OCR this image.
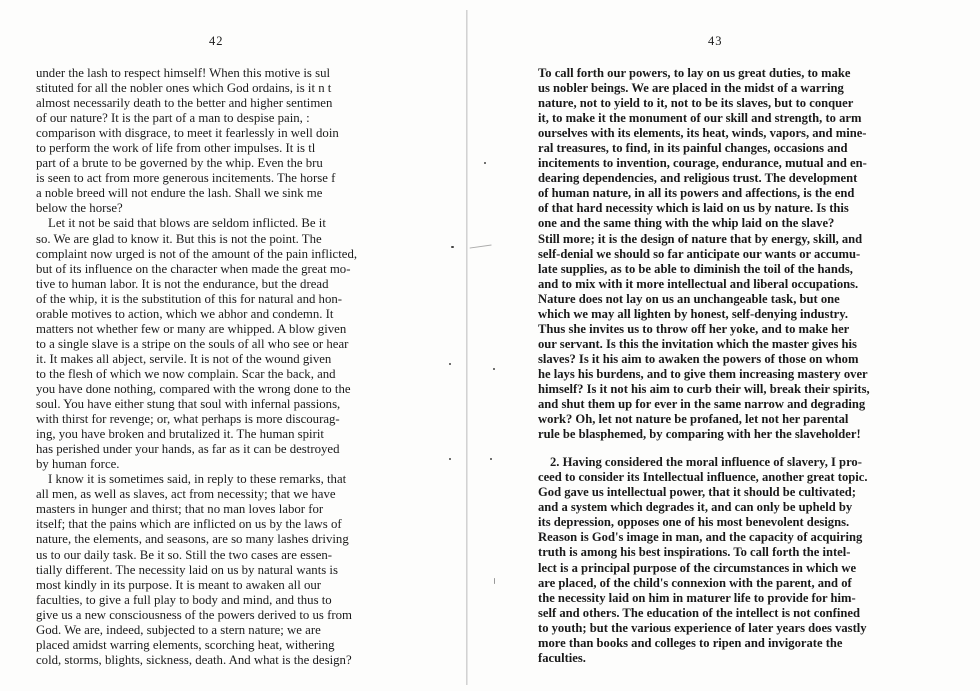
42
under the lash to respect himself! When this motive is sul
stituted for all the nobler ones which God ordains, is it n t
almost necessarily death to the better and higher sentimen
of our nature? It is the part of a man to despise pain, :
comparison with disgrace, to meet it fearlessly in well doin
to perform the work of life from other impulses. It is tl
part of a brute to be governed by the whip. Even the bru
is seen to act from more generous incitements. The horse f
a noble breed will not endure the lash. Shall we sink me
below the horse?
Let it not be said that blows are seldom inflicted. Be it
so. We are glad to know it. But this is not the point. The
complaint now urged is not of the amount of the pain inflicted,
but of its influence on the character when made the great mo-
tive to human labor. It is not the endurance, but the dread
of the whip, it is the substitution of this for natural and hon-
orable motives to action, which we abhor and condemn. It
matters not whether few or many are whipped. A blow given
to a single slave is a stripe on the souls of all who see or hear
it. It makes all abject, servile. It is not of the wound given
to the flesh of which we now complain. Scar the back, and
you have done nothing, compared with the wrong done to the
soul. You have either stung that soul with infernal passions,
with thirst for revenge; or, what perhaps is more discourag-
ing, you have broken and brutalized it. The human spirit
has perished under your hands, as far as it can be destroyed
by human force.
I know it is sometimes said, in reply to these remarks, that
all men, as well as slaves, act from necessity; that we have
masters in hunger and thirst; that no man loves labor for
itself; that the pains which are inflicted on us by the laws of
nature, the elements, and seasons, are so many lashes driving
us to our daily task. Be it so. Still the two cases are essen-
tially different. The necessity laid on us by natural wants is
most kindly in its purpose. It is meant to awaken all our
faculties, to give a full play to body and mind, and thus to
give us a new consciousness of the powers derived to us from
God. We are, indeed, subjected to a stern nature; we are
placed amidst warring elements, scorching heat, withering
cold, storms, blights, sickness, death. And what is the design?
43
To call forth our powers, to lay on us great duties, to make
us nobler beings. We are placed in the midst of a warring
nature, not to yield to it, not to be its slaves, but to conquer
it, to make it the monument of our skill and strength, to arm
ourselves with its elements, its heat, winds, vapors, and mine-
ral treasures, to find, in its painful changes, occasions and
incitements to invention, courage, endurance, mutual and en-
dearing dependencies, and religious trust. The development
of human nature, in all its powers and affections, is the end
of that hard necessity which is laid on us by nature. Is this
one and the same thing with the whip laid on the slave?
Still more; it is the design of nature that by energy, skill, and
self-denial we should so far anticipate our wants or accumu-
late supplies, as to be able to diminish the toil of the hands,
and to mix with it more intellectual and liberal occupations.
Nature does not lay on us an unchangeable task, but one
which we may all lighten by honest, self-denying industry.
Thus she invites us to throw off her yoke, and to make her
our servant. Is this the invitation which the master gives his
slaves? Is it his aim to awaken the powers of those on whom
he lays his burdens, and to give them increasing mastery over
himself? Is it not his aim to curb their will, break their spirits,
and shut them up for ever in the same narrow and degrading
work? Oh, let not nature be profaned, let not her parental
rule be blasphemed, by comparing with her the slaveholder!
2. Having considered the moral influence of slavery, I pro-
ceed to consider its Intellectual influence, another great topic.
God gave us intellectual power, that it should be cultivated;
and a system which degrades it, and can only be upheld by
its depression, opposes one of his most benevolent designs.
Reason is God's image in man, and the capacity of acquiring
truth is among his best inspirations. To call forth the intel-
lect is a principal purpose of the circumstances in which we
are placed, of the child's connexion with the parent, and of
the necessity laid on him in maturer life to provide for him-
self and others. The education of the intellect is not confined
to youth; but the various experience of later years does vastly
more than books and colleges to ripen and invigorate the
faculties.
